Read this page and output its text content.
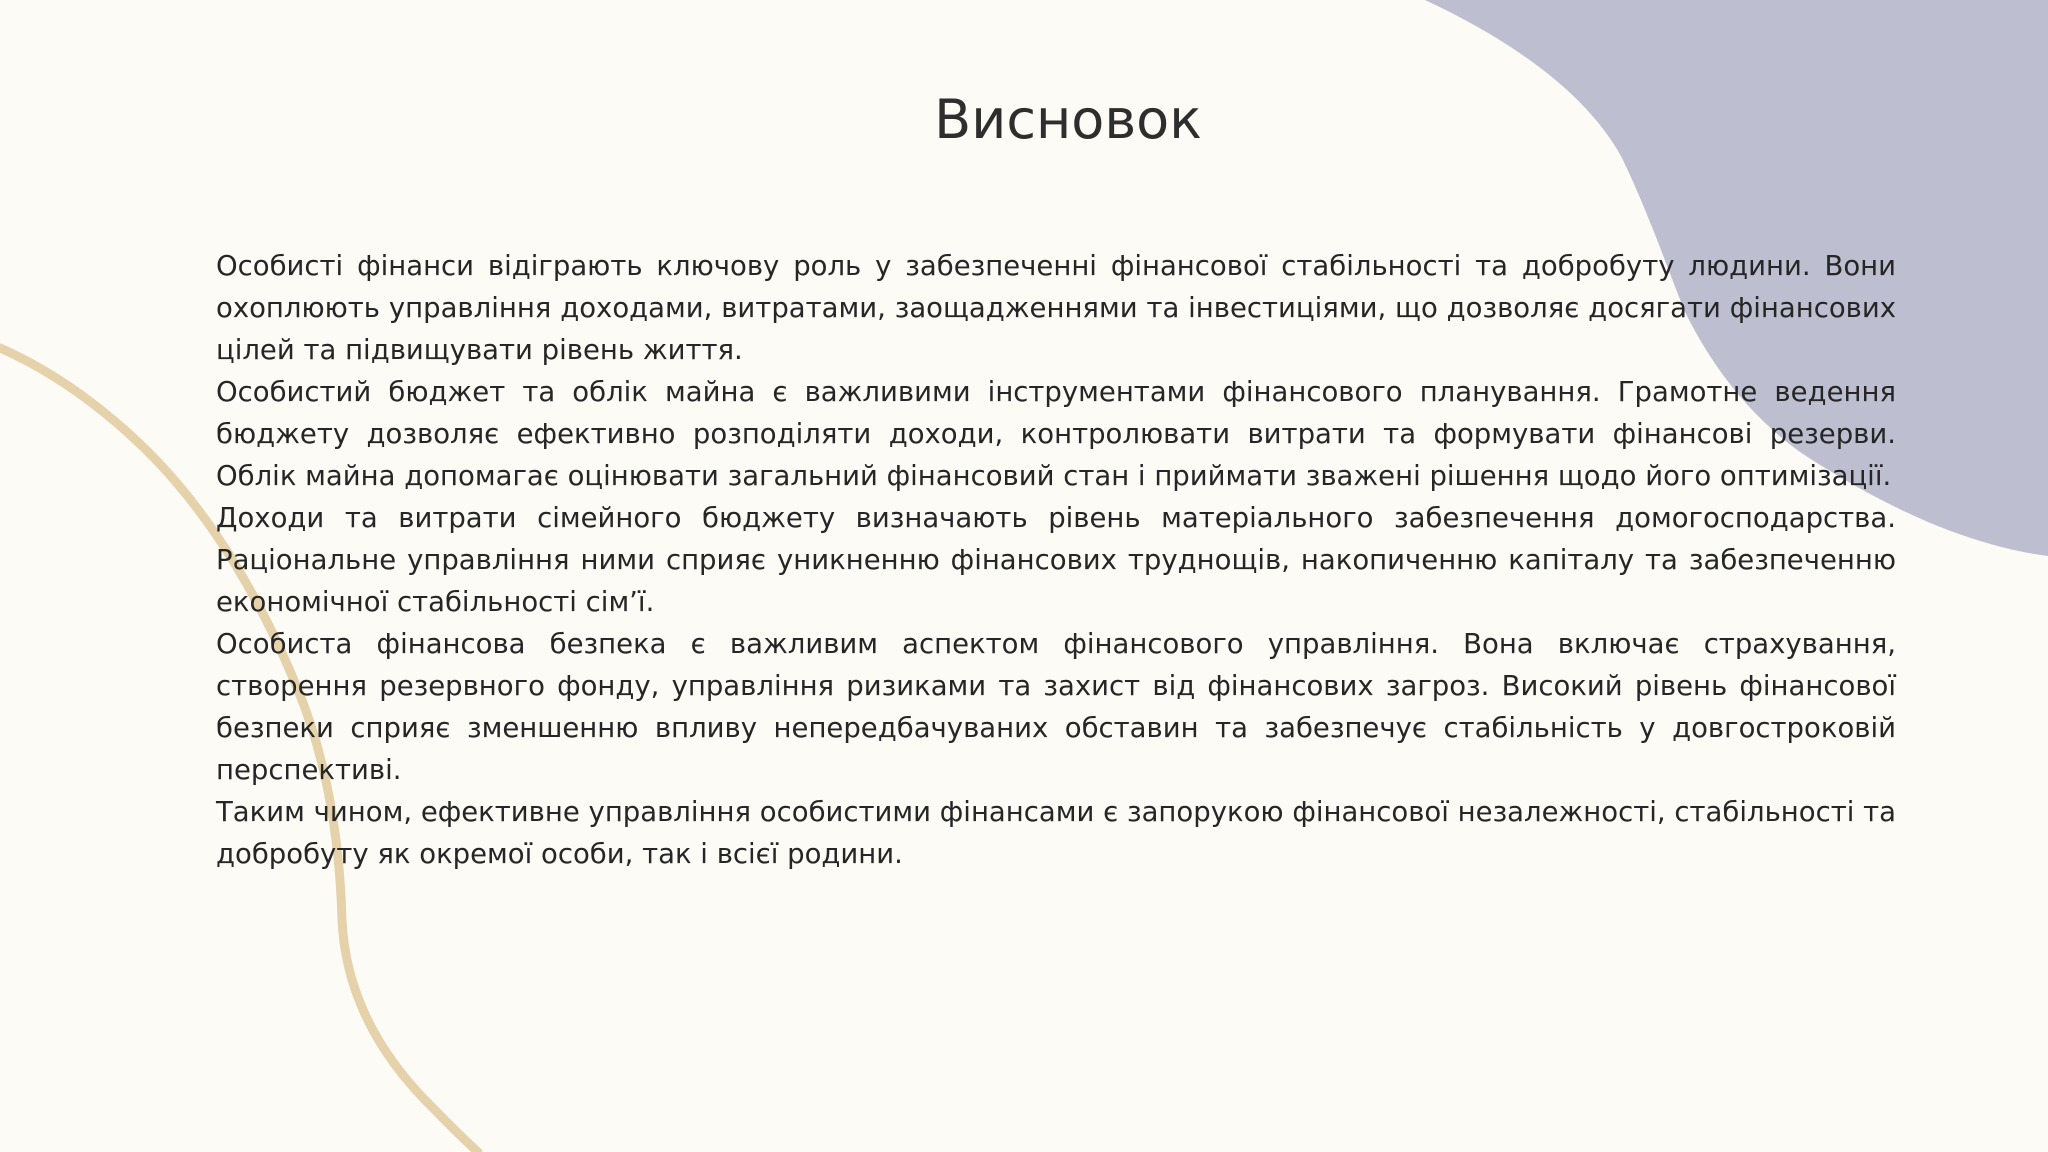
Висновок

Особисті фінанси відіграють ключову роль у забезпеченні фінансової стабільності та добробуту людини. Вони охоплюють управління доходами, витратами, заощадженнями та інвестиціями, що дозволяє досягати фінансових цілей та підвищувати рівень життя.

Особистий бюджет та облік майна є важливими інструментами фінансового планування. Грамотне ведення бюджету дозволяє ефективно розподіляти доходи, контролювати витрати та формувати фінансові резерви. Облік майна допомагає оцінювати загальний фінансовий стан і приймати зважені рішення щодо його оптимізації.

Доходи та витрати сімейного бюджету визначають рівень матеріального забезпечення домогосподарства. Раціональне управління ними сприяє уникненню фінансових труднощів, накопиченню капіталу та забезпеченню економічної стабільності сім’ї.

Особиста фінансова безпека є важливим аспектом фінансового управління. Вона включає страхування, створення резервного фонду, управління ризиками та захист від фінансових загроз. Високий рівень фінансової безпеки сприяє зменшенню впливу непередбачуваних обставин та забезпечує стабільність у довгостроковій перспективі.

Таким чином, ефективне управління особистими фінансами є запорукою фінансової незалежності, стабільності та добробуту як окремої особи, так і всієї родини.
